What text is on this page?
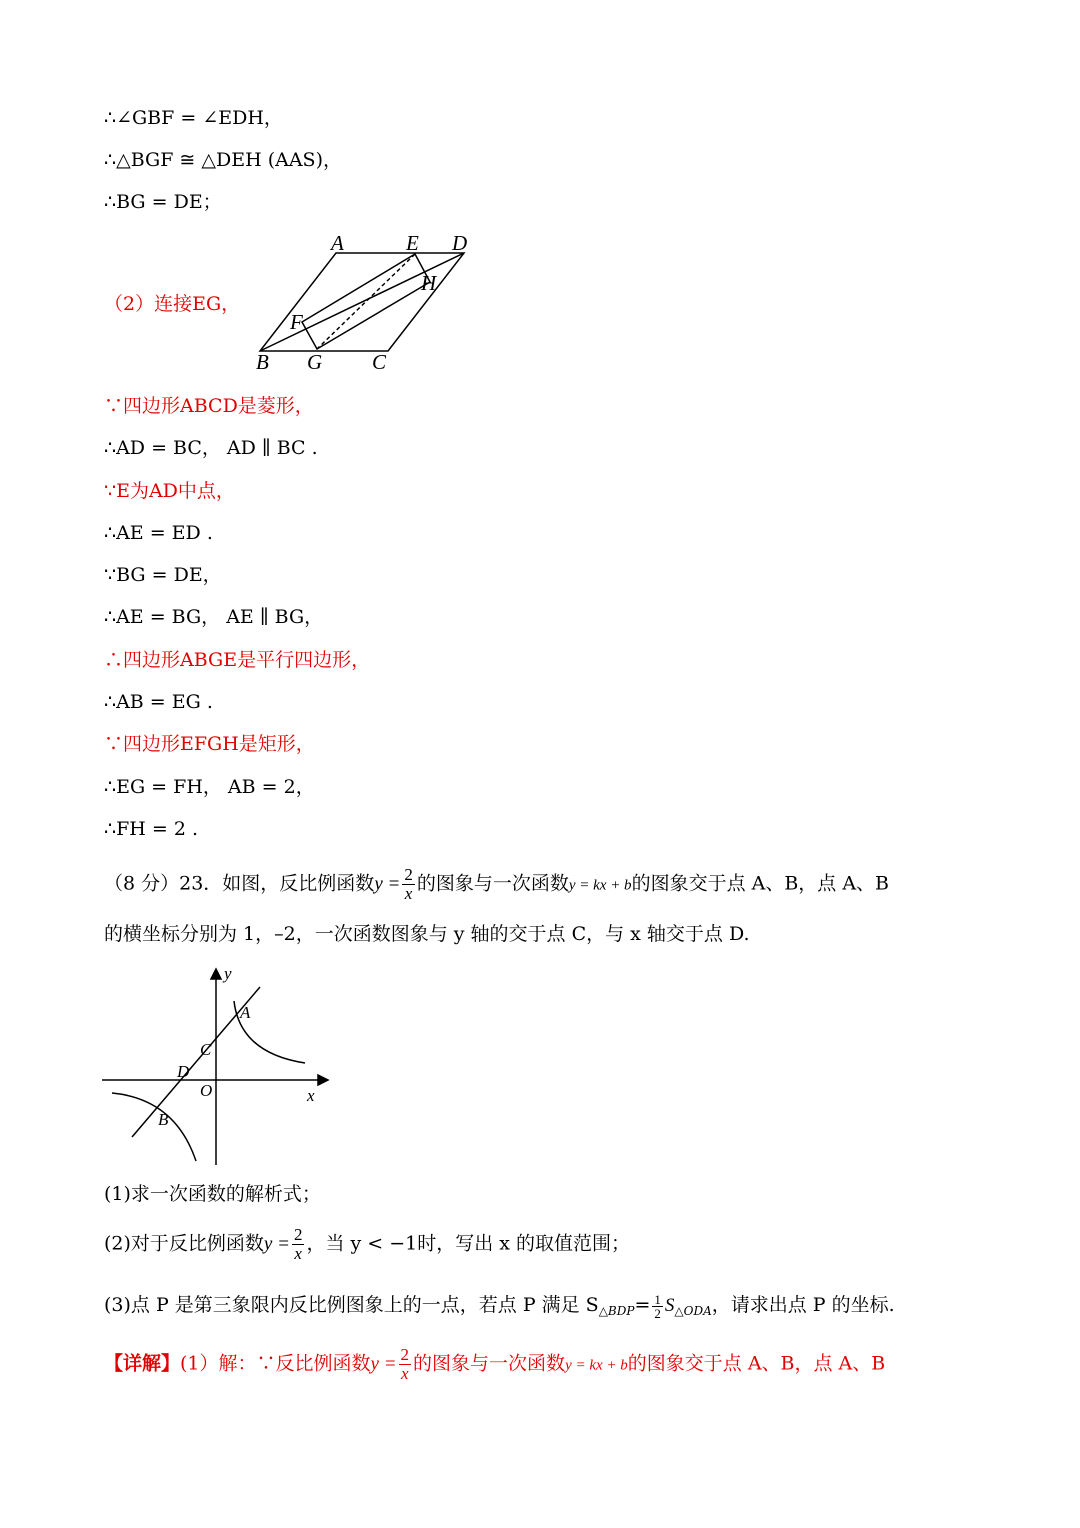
∴∠GBF = ∠EDH，
∴△BGF ≅ △DEH (AAS)，
∴BG = DE；
（2）连接EG，
A	E D
H
F
B G C
∵四边形ABCD是菱形，
∴AD = BC， AD ∥ BC .
∵E为AD中点，
∴AE = ED .
∵BG = DE，
∴AE = BG， AE ∥ BG，
∴四边形ABGE是平行四边形，
∴AB = EG .
∵四边形EFGH是矩形，
∴EG = FH， AB = 2，
∴FH = 2 .
（8 分）23．如图，反比例函数$y = \frac{2}{x}$ 的图象与一次函数y = kx + b的图象交于点 A、B，点 A、B
的横坐标分别为 1，–2，一次函数图象与 y 轴的交于点 C，与 x 轴交于点 D.
y
x
A
C
D
O
B
(1)求一次函数的解析式；
(2)对于反比例函数$y = \frac{2}{x}$ ，当 y < −1时，写出 x 的取值范围；
(3)点 P 是第三象限内反比例图象上的一点，若点 P 满足 $S_{\triangle BDP}= \frac{1}{2} S_{\triangle ODA}$，请求出点 P 的坐标.
【详解】(1）解：∵反比例函数$y = \frac{2}{x}$ 的图象与一次函数y = kx + b的图象交于点 A、B，点 A、B
